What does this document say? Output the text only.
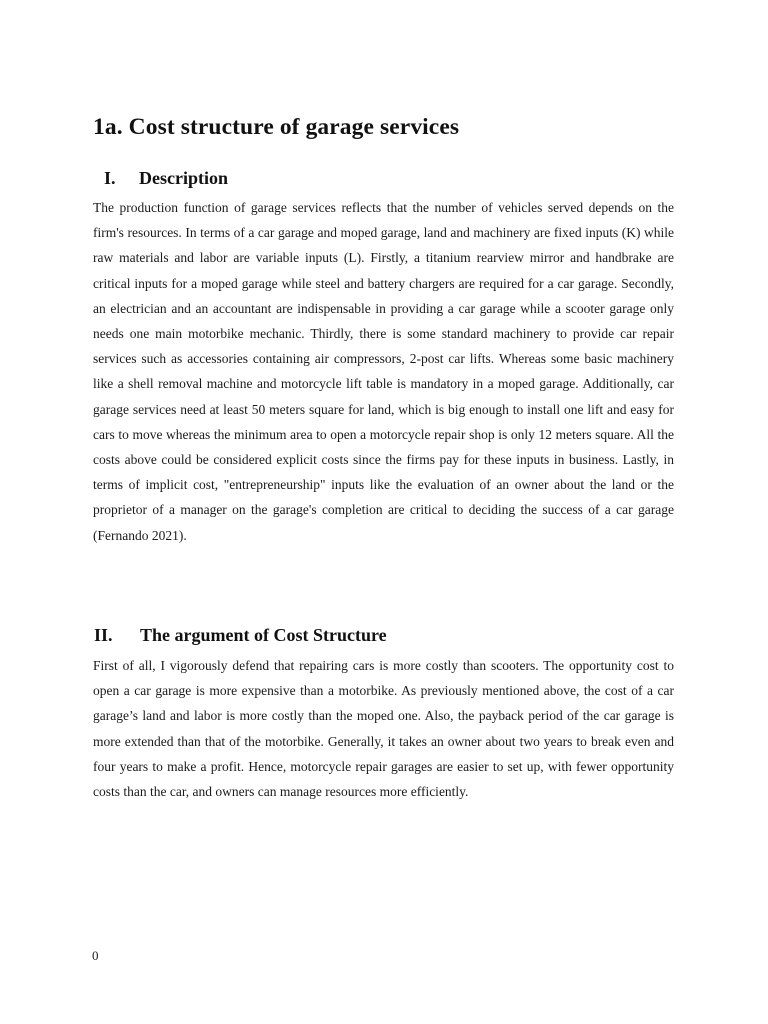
1a. Cost structure of garage services
I. Description

The production function of garage services reflects that the number of vehicles served depends on the firm's resources. In terms of a car garage and moped garage, land and machinery are fixed inputs (K) while raw materials and labor are variable inputs (L). Firstly, a titanium rearview mirror and handbrake are critical inputs for a moped garage while steel and battery chargers are required for a car garage. Secondly, an electrician and an accountant are indispensable in providing a car garage while a scooter garage only needs one main motorbike mechanic. Thirdly, there is some standard machinery to provide car repair services such as accessories containing air compressors, 2-post car lifts. Whereas some basic machinery like a shell removal machine and motorcycle lift table is mandatory in a moped garage. Additionally, car garage services need at least 50 meters square for land, which is big enough to install one lift and easy for cars to move whereas the minimum area to open a motorcycle repair shop is only 12 meters square. All the costs above could be considered explicit costs since the firms pay for these inputs in business. Lastly, in terms of implicit cost, "entrepreneurship" inputs like the evaluation of an owner about the land or the proprietor of a manager on the garage's completion are critical to deciding the success of a car garage (Fernando 2021).

II. The argument of Cost Structure

First of all, I vigorously defend that repairing cars is more costly than scooters. The opportunity cost to open a car garage is more expensive than a motorbike. As previously mentioned above, the cost of a car garage’s land and labor is more costly than the moped one. Also, the payback period of the car garage is more extended than that of the motorbike. Generally, it takes an owner about two years to break even and four years to make a profit. Hence, motorcycle repair garages are easier to set up, with fewer opportunity costs than the car, and owners can manage resources more efficiently.

0
